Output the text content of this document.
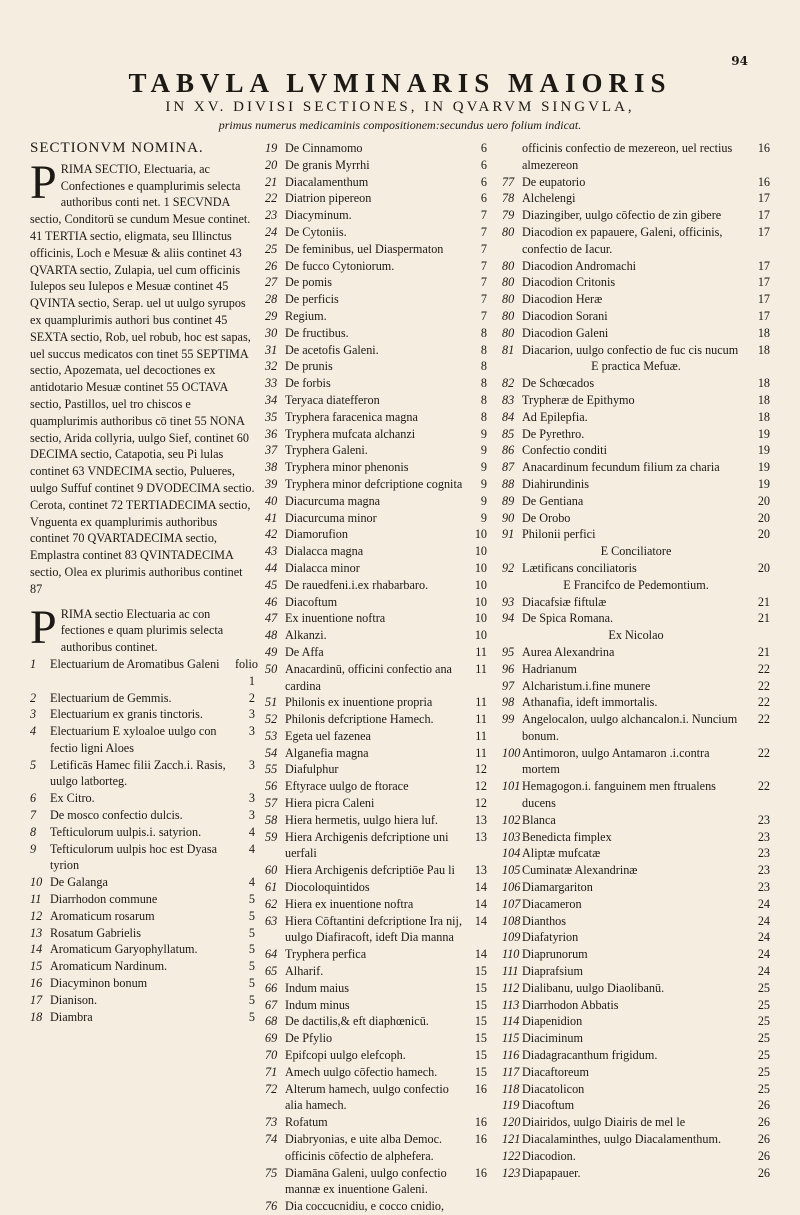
94
TABVLA LVMINARIS MAIORIS
IN XV. DIVISI SECTIONES, IN QVARVM SINGVLA,
primus numerus medicaminis compositionem:secundus uero folium indicat.
SECTIONVM NOMINA.
PRIMA SECTIO, Electuaria, ac Confectiones e quamplurimis selecta authoribus conti net. 1 SECVNDA sectio, Conditorū se cundum Mesue continet. 41 TERTIA sectio, eligmata, seu Illinctus officinis, Loch e Mesuæ & aliis continet 43 QVARTA sectio, Zulapia, uel cum officinis Iulepos seu Iulepos e Mesuæ continet 45 QVINTA sectio, Serap. uel ut uulgo syrupos ex quamplurimis authori bus continet 45 SEXTA sectio, Rob, uel robub, hoc est sapas, uel succus medicatos con tinet 55 SEPTIMA sectio, Apozemata, uel decoctiones ex antidotario Mesuæ continet 55 OCTAVA sectio, Pastillos, uel tro chiscos e quamplurimis authoribus cō tinet 55 NONA sectio, Arida collyria, uulgo Sief, continet 60 DECIMA sectio, Catapotia, seu Pi lulas continet 63 VNDECIMA sectio, Pulueres, uulgo Suffuf continet 9 DVODECIMA sectio. Cerota, continet 72 TERTIADECIMA sectio, Vnguenta ex quamplurimis authoribus continet 70 QVARTADECIMA sectio, Emplastra continet 83 QVINTADECIMA sectio, Olea ex plurimis authoribus continet 87
PRIMA sectio Electuaria ac con fectiones e quam plurimis selecta authoribus continet.
1	Electuarium de Aromatibus Galeni	folio 1
2	Electuarium de Gemmis.	2
3	Electuarium ex granis tinctoris.	3
4	Electuarium E xyloaloe uulgo con fectio ligni Aloes
3
5	Letificās Hamec filii Zacch.i. Rasis, uulgo latborteg.
3
6	Ex Citro.	3
7	De mosco confectio dulcis.	3
8	Tefticulorum uulpis.i. satyrion.	4
9	Tefticulorum uulpis hoc est Dyasa tyrion
4
10 De Galanga	4
11 Diarrhodon commune	5
12 Aromaticum rosarum	5
13 Rosatum Gabrielis	5
14 Aromaticum Garyophyllatum.	5
15 Aromaticum Nardinum.	5
16 Diacyminon bonum	5
17 Dianison.	5
18 Diambra	5
19 De Cinnamomo	6
20 De granis Myrrhi	6
21 Diacalamenthum	6
22 Diatrion pipereon	6
23 Diacyminum.	7
24 De Cytoniis.	7
25 De feminibus, uel Diaspermaton	7
26 De fucco Cytoniorum.	7
27 De pomis	7
28 De perficis	7
29 Regium.	7
30 De fructibus.	8
31 De acetofis Galeni.	8
32 De prunis	8
33 De forbis	8
34 Teryaca diatefferon	8
35 Tryphera faracenica magna	8
36 Tryphera mufcata alchanzi	9
37 Tryphera Galeni.	9
38 Tryphera minor phenonis	9
39 Tryphera minor defcriptione cognita	9
40 Diacurcuma magna	9
41 Diacurcuma minor	9
42 Diamorufion	10
43 Dialacca magna	10
44 Dialacca minor	10
45 De rauedfeni.i.ex rhabarbaro.	10
46 Diacoftum	10
47 Ex inuentione noftra	10
48 Alkanzi.	10
49 De Affa	11
50 Anacardinū, officini confectio ana cardina
11
51 Philonis ex inuentione propria	11
52 Philonis defcriptione Hamech.	11
53 Egeta uel fazenea	11
54 Alganefia magna	11
55 Diafulphur	12
56 Eftyrace uulgo de ftorace	12
57 Hiera picra Caleni	12
58 Hiera hermetis, uulgo hiera luf.	13
59 Hiera Archigenis defcriptione uni uerfali
13
60 Hiera Archigenis defcriptiōe Pau li	13
61 Diocoloquintidos	14
62 Hiera ex inuentione noftra	14
63 Hiera Cōftantini defcriptione Ira nij, uulgo Diafiracoft, ideft Dia manna
14
64 Tryphera perfica	14
65 Alharif.	15
66 Indum maius	15
67 Indum minus	15
68 De dactilis,& eft diaphœnicū.	15
69 De Pfylio	15
70 Epifcopi uulgo elefcoph.	15
71 Amech uulgo cōfectio hamech.	15
72 Alterum hamech, uulgo confectio alia hamech.
16
73 Rofatum	16
74 Diabryonias, e uite alba Democ. officinis cōfectio de alphefera.
16
75 Diamāna Galeni, uulgo confectio mannæ ex inuentione Galeni.
16
76 Dia coccucnidiu, e cocco cnidio,
officinis confectio de mezereon, uel rectius almezereon
16
77 De eupatorio	16
78 Alchelengi	17
79 Diazingiber, uulgo cōfectio de zin gibere	17
80 Diacodion ex papauere, Galeni, officinis, confectio de Iacur.
17
80 Diacodion Andromachi	17
80 Diacodion Critonis	17
80 Diacodion Heræ	17
80 Diacodion Sorani	17
80 Diacodion Galeni	18
81 Diacarion, uulgo confectio de fuc cis nucum	18
E practica Mefuæ.
82 De Schœcados	18
83 Trypheræ de Epithymo	18
84 Ad Epilepfia.	18
85 De Pyrethro.	19
86 Confectio conditi	19
87 Anacardinum fecundum filium za charia	19
88 Diahirundinis	19
89 De Gentiana	20
90 De Orobo	20
91 Philonii perfici	20
E Conciliatore
92 Lætificans conciliatoris	20
E Francifco de Pedemontium.
93 Diacafsiæ fiftulæ	21
94 De Spica Romana.	21
Ex Nicolao
95 Aurea Alexandrina	21
96 Hadrianum	22
97 Alcharistum.i.fine munere	22
98 Athanafia, ideft immortalis.	22
99 Angelocalon, uulgo alchancalon.i. Nuncium bonum.
22
100 Antimoron, uulgo Antamaron .i.contra mortem
22
101 Hemagogon.i. fanguinem men ftrualens ducens
22
102 Blanca	23
103 Benedicta fimplex	23
104 Aliptæ mufcatæ	23
105 Cuminatæ Alexandrinæ	23
106 Diamargariton	23
107 Diacameron	24
108 Dianthos	24
109 Diafatyrion	24
110 Diaprunorum	24
111 Diaprafsium	24
112 Dialibanu, uulgo Diaolibanū.	25
113 Diarrhodon Abbatis	25
114 Diapenidion	25
115 Diaciminum	25
116 Diadagracanthum frigidum.	25
117 Diacaftoreum	25
118 Diacatolicon	25
119 Diacoftum	26
120 Diairidos, uulgo Diairis de mel le	26
121 Diacalaminthes, uulgo Diacalamenthum.	26
122 Diacodion.	26
123 Diapapauer.	26
